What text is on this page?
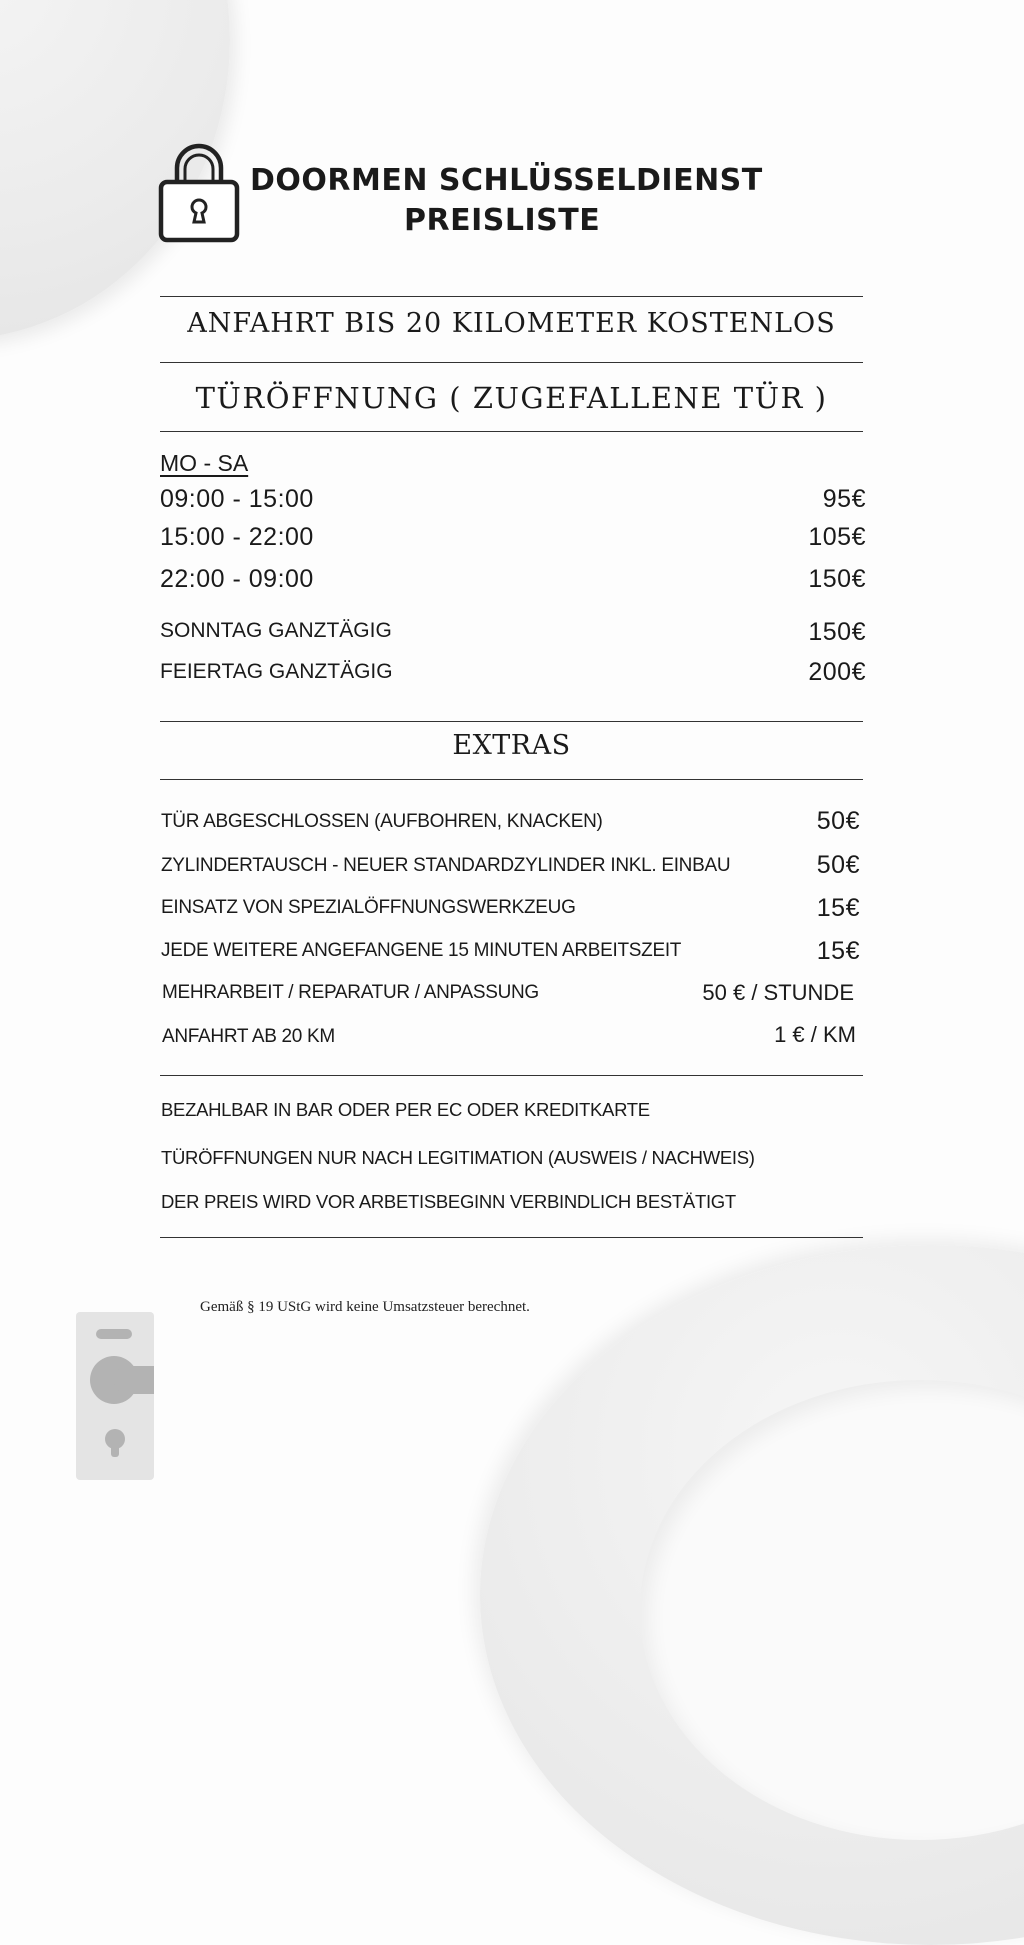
DOORMEN SCHLÜSSELDIENST
PREISLISTE
ANFAHRT BIS 20 KILOMETER KOSTENLOS
TÜRÖFFNUNG ( ZUGEFALLENE TÜR )
MO - SA
09:00 - 15:00	95€
15:00 - 22:00	105€
22:00 - 09:00	150€
SONNTAG GANZTÄGIG	150€
FEIERTAG GANZTÄGIG	200€
EXTRAS
TÜR ABGESCHLOSSEN (AUFBOHREN, KNACKEN)	50€
ZYLINDERTAUSCH - NEUER STANDARDZYLINDER INKL. EINBAU	50€
EINSATZ VON SPEZIALÖFFNUNGSWERKZEUG	15€
JEDE WEITERE ANGEFANGENE 15 MINUTEN ARBEITSZEIT	15€
MEHRARBEIT / REPARATUR / ANPASSUNG	50 € / STUNDE
ANFAHRT AB 20 KM	1 € / KM
BEZAHLBAR IN BAR ODER PER EC ODER KREDITKARTE
TÜRÖFFNUNGEN NUR NACH LEGITIMATION (AUSWEIS / NACHWEIS)
DER PREIS WIRD VOR ARBETISBEGINN VERBINDLICH BESTÄTIGT
Gemäß § 19 UStG wird keine Umsatzsteuer berechnet.
